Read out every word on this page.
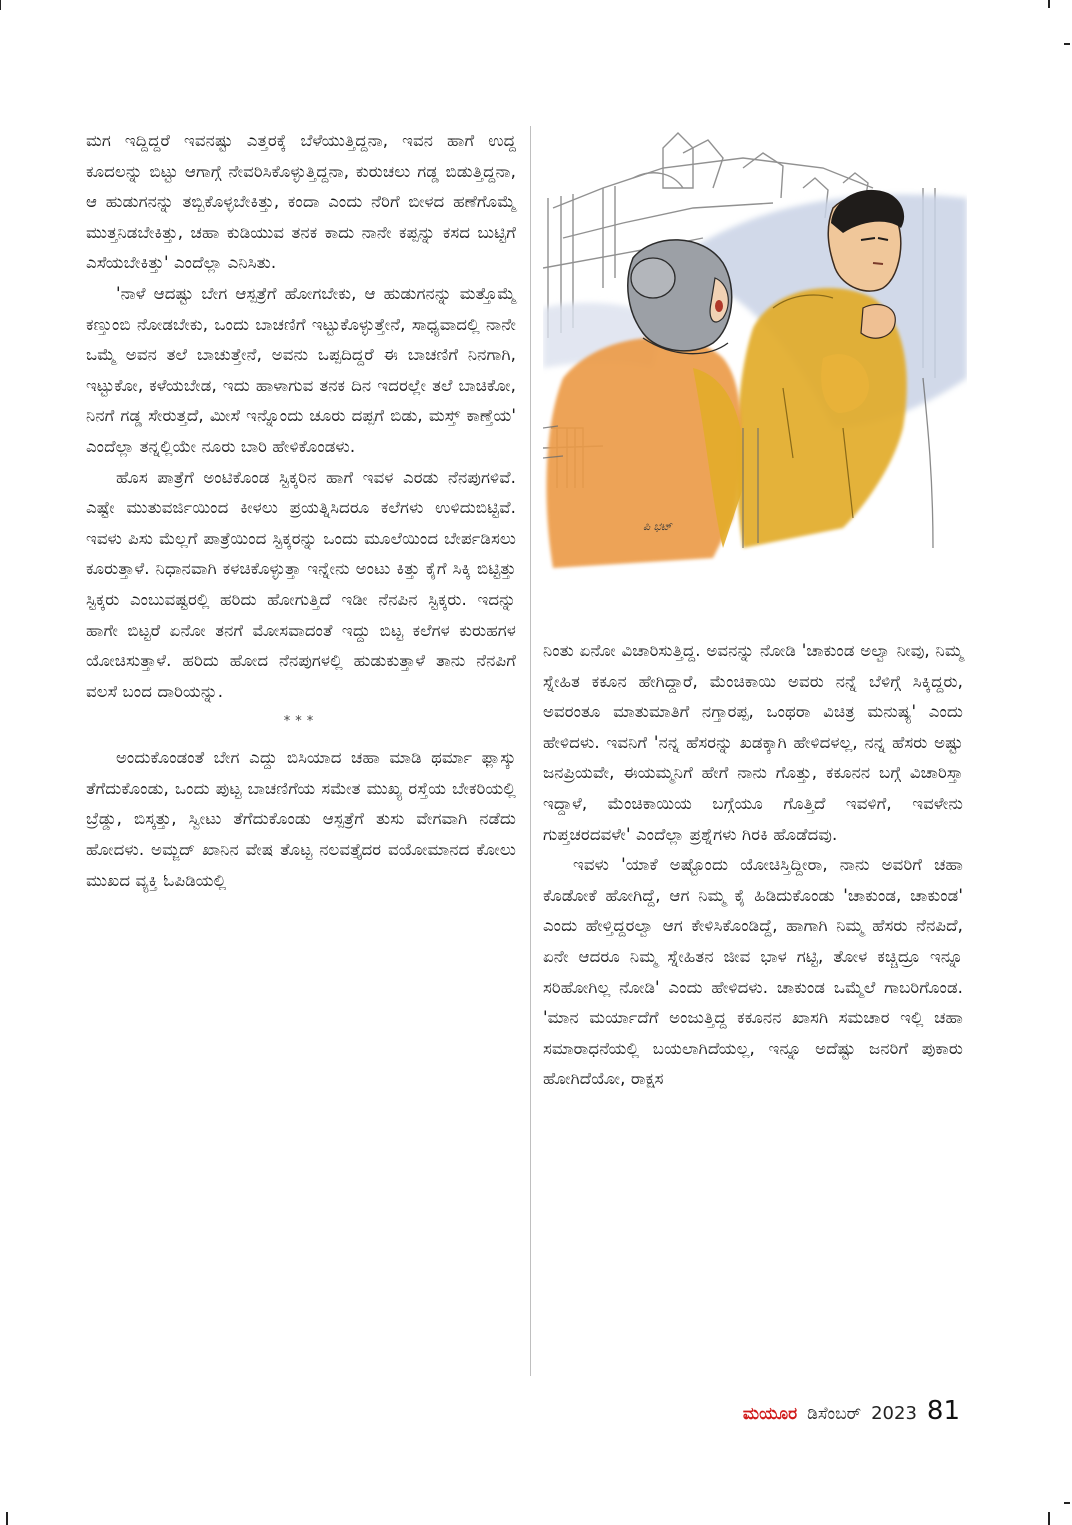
ಮಗ ಇದ್ದಿದ್ದರೆ ಇವನಷ್ಟು ಎತ್ತರಕ್ಕೆ ಬೆಳೆಯುತ್ತಿದ್ದನಾ, ಇವನ ಹಾಗೆ ಉದ್ದ ಕೂದಲನ್ನು ಬಿಟ್ಟು ಆಗಾಗ್ಗೆ ನೇವರಿಸಿಕೊಳ್ಳುತ್ತಿದ್ದನಾ, ಕುರುಚಲು ಗಡ್ಡ ಬಿಡುತ್ತಿದ್ದನಾ, ಆ ಹುಡುಗನನ್ನು ತಬ್ಬಿಕೊಳ್ಳಬೇಕಿತ್ತು, ಕಂದಾ ಎಂದು ನೆರಿಗೆ ಬೀಳದ ಹಣೆಗೊಮ್ಮೆ ಮುತ್ತನಿಡಬೇಕಿತ್ತು, ಚಹಾ ಕುಡಿಯುವ ತನಕ ಕಾದು ನಾನೇ ಕಪ್ಪನ್ನು ಕಸದ ಬುಟ್ಟಿಗೆ ಎಸೆಯಬೇಕಿತ್ತು' ಎಂದೆಲ್ಲಾ ಎನಿಸಿತು.

'ನಾಳೆ ಆದಷ್ಟು ಬೇಗ ಆಸ್ಪತ್ರೆಗೆ ಹೋಗಬೇಕು, ಆ ಹುಡುಗನನ್ನು ಮತ್ತೊಮ್ಮೆ ಕಣ್ತುಂಬಿ ನೋಡಬೇಕು, ಒಂದು ಬಾಚಣಿಗೆ ಇಟ್ಟುಕೊಳ್ಳುತ್ತೇನೆ, ಸಾಧ್ಯವಾದಲ್ಲಿ ನಾನೇ ಒಮ್ಮೆ ಅವನ ತಲೆ ಬಾಚುತ್ತೇನೆ, ಅವನು ಒಪ್ಪದಿದ್ದರೆ ಈ ಬಾಚಣಿಗೆ ನಿನಗಾಗಿ, ಇಟ್ಟುಕೋ, ಕಳೆಯಬೇಡ, ಇದು ಹಾಳಾಗುವ ತನಕ ದಿನ ಇದರಲ್ಲೇ ತಲೆ ಬಾಚಿಕೋ, ನಿನಗೆ ಗಡ್ಡ ಸೇರುತ್ತದೆ, ಮೀಸೆ ಇನ್ನೊಂದು ಚೂರು ದಪ್ಪಗೆ ಬಿಡು, ಮಸ್ತ್ ಕಾಣ್ತೆಯ' ಎಂದೆಲ್ಲಾ ತನ್ನಲ್ಲಿಯೇ ನೂರು ಬಾರಿ ಹೇಳಿಕೊಂಡಳು.

ಹೊಸ ಪಾತ್ರೆಗೆ ಅಂಟಿಕೊಂಡ ಸ್ಟಿಕ್ಕರಿನ ಹಾಗೆ ಇವಳ ಎರಡು ನೆನಪುಗಳಿವೆ. ಎಷ್ಟೇ ಮುತುವರ್ಜಿಯಿಂದ ಕೀಳಲು ಪ್ರಯತ್ನಿಸಿದರೂ ಕಲೆಗಳು ಉಳಿದುಬಿಟ್ಟಿವೆ. ಇವಳು ಪಿಸು ಮೆಲ್ಲಗೆ ಪಾತ್ರೆಯಿಂದ ಸ್ಟಿಕ್ಕರನ್ನು ಒಂದು ಮೂಲೆಯಿಂದ ಬೇರ್ಪಡಿಸಲು ಕೂರುತ್ತಾಳೆ. ನಿಧಾನವಾಗಿ ಕಳಚಿಕೊಳ್ಳುತ್ತಾ ಇನ್ನೇನು ಅಂಟು ಕಿತ್ತು ಕೈಗೆ ಸಿಕ್ಕಿ ಬಿಟ್ಟಿತ್ತು ಸ್ಟಿಕ್ಕರು ಎಂಬುವಷ್ಟರಲ್ಲಿ ಹರಿದು ಹೋಗುತ್ತಿದೆ ಇಡೀ ನೆನಪಿನ ಸ್ಟಿಕ್ಕರು. ಇದನ್ನು ಹಾಗೇ ಬಿಟ್ಟರೆ ಏನೋ ತನಗೆ ಮೋಸವಾದಂತೆ ಇದ್ದು ಬಿಟ್ಟ ಕಲೆಗಳ ಕುರುಹಗಳ ಯೋಚಿಸುತ್ತಾಳೆ. ಹರಿದು ಹೋದ ನೆನಪುಗಳಲ್ಲಿ ಹುಡುಕುತ್ತಾಳೆ ತಾನು ನೆನಪಿಗೆ ವಲಸೆ ಬಂದ ದಾರಿಯನ್ನು.

***

ಅಂದುಕೊಂಡಂತೆ ಬೇಗ ಎದ್ದು ಬಿಸಿಯಾದ ಚಹಾ ಮಾಡಿ ಥರ್ಮಾ ಫ್ಲಾಸ್ಕು ತೆಗೆದುಕೊಂಡು, ಒಂದು ಪುಟ್ಟ ಬಾಚಣಿಗೆಯ ಸಮೇತ ಮುಖ್ಯ ರಸ್ತೆಯ ಬೇಕರಿಯಲ್ಲಿ ಬ್ರೆಡ್ಡು, ಬಿಸ್ಕತ್ತು, ಸ್ವೀಟು ತೆಗೆದುಕೊಂಡು ಆಸ್ಪತ್ರೆಗೆ ತುಸು ವೇಗವಾಗಿ ನಡೆದು ಹೋದಳು. ಅಮ್ಜದ್ ಖಾನಿನ ವೇಷ ತೊಟ್ಟ ನಲವತ್ತೈದರ ವಯೋಮಾನದ ಕೋಲು ಮುಖದ ವ್ಯಕ್ತಿ ಓಪಿಡಿಯಲ್ಲಿ

ಪಿ ಭಟ್

ನಿಂತು ಏನೋ ವಿಚಾರಿಸುತ್ತಿದ್ದ. ಅವನನ್ನು ನೋಡಿ 'ಚಾಕುಂಡ ಅಲ್ವಾ ನೀವು, ನಿಮ್ಮ ಸ್ನೇಹಿತ ಕಕೂನ ಹೇಗಿದ್ದಾರೆ, ಮೆಂಚಿಕಾಯಿ ಅವರು ನನ್ನೆ ಬೆಳಿಗ್ಗೆ ಸಿಕ್ಕಿದ್ದರು, ಅವರಂತೂ ಮಾತುಮಾತಿಗೆ ನಗ್ತಾರಪ್ಪ, ಒಂಥರಾ ವಿಚಿತ್ರ ಮನುಷ್ಯ' ಎಂದು ಹೇಳಿದಳು. ಇವನಿಗೆ 'ನನ್ನ ಹೆಸರನ್ನು ಖಡಕ್ಕಾಗಿ ಹೇಳಿದಳಲ್ಲ, ನನ್ನ ಹೆಸರು ಅಷ್ಟು ಜನಪ್ರಿಯವೇ, ಈಯಮ್ಮನಿಗೆ ಹೇಗೆ ನಾನು ಗೊತ್ತು, ಕಕೂನನ ಬಗ್ಗೆ ವಿಚಾರಿಸ್ತಾ ಇದ್ದಾಳೆ, ಮೆಂಚಿಕಾಯಿಯ ಬಗ್ಗೆಯೂ ಗೊತ್ತಿದೆ ಇವಳಿಗೆ, ಇವಳೇನು ಗುಪ್ತಚರದವಳೇ' ಎಂದೆಲ್ಲಾ ಪ್ರಶ್ನೆಗಳು ಗಿರಕಿ ಹೊಡೆದವು.

ಇವಳು 'ಯಾಕೆ ಅಷ್ಟೊಂದು ಯೋಚಿಸ್ತಿದ್ದೀರಾ, ನಾನು ಅವರಿಗೆ ಚಹಾ ಕೊಡೋಕೆ ಹೋಗಿದ್ದೆ, ಆಗ ನಿಮ್ಮ ಕೈ ಹಿಡಿದುಕೊಂಡು 'ಚಾಕುಂಡ, ಚಾಕುಂಡ' ಎಂದು ಹೇಳ್ತಿದ್ದರಲ್ವಾ ಆಗ ಕೇಳಿಸಿಕೊಂಡಿದ್ದೆ, ಹಾಗಾಗಿ ನಿಮ್ಮ ಹೆಸರು ನೆನಪಿದೆ, ಏನೇ ಆದರೂ ನಿಮ್ಮ ಸ್ನೇಹಿತನ ಜೀವ ಭಾಳ ಗಟ್ಟಿ, ತೋಳ ಕಚ್ಚಿದ್ರೂ ಇನ್ನೂ ಸರಿಹೋಗಿಲ್ಲ ನೋಡಿ' ಎಂದು ಹೇಳಿದಳು. ಚಾಕುಂಡ ಒಮ್ಮೆಲೆ ಗಾಬರಿಗೊಂಡ. 'ಮಾನ ಮರ್ಯಾದೆಗೆ ಅಂಜುತ್ತಿದ್ದ ಕಕೂನನ ಖಾಸಗಿ ಸಮಚಾರ ಇಲ್ಲಿ ಚಹಾ ಸಮಾರಾಧನೆಯಲ್ಲಿ ಬಯಲಾಗಿದೆಯಲ್ಲ, ಇನ್ನೂ ಅದೆಷ್ಟು ಜನರಿಗೆ ಪುಕಾರು ಹೋಗಿದೆಯೋ, ರಾಕ್ಷಸ

ಮಯೂರ ಡಿಸೆಂಬರ್ 2023 81
